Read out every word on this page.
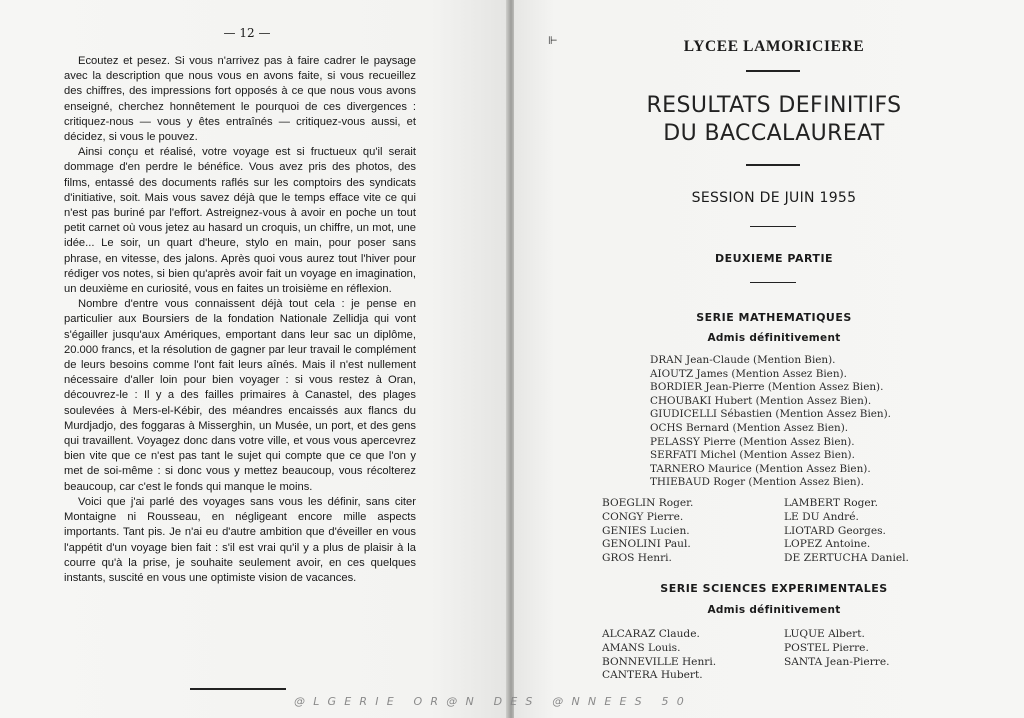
— 12 —

Ecoutez et pesez. Si vous n'arrivez pas à faire cadrer le paysage avec la description que nous vous en avons faite, si vous recueillez des chiffres, des impressions fort opposés à ce que nous vous avons enseigné, cherchez honnêtement le pourquoi de ces divergences : critiquez-nous — vous y êtes entraînés — critiquez-vous aussi, et décidez, si vous le pouvez.

Ainsi conçu et réalisé, votre voyage est si fructueux qu'il serait dommage d'en perdre le bénéfice. Vous avez pris des photos, des films, entassé des documents raflés sur les comptoirs des syndicats d'initiative, soit. Mais vous savez déjà que le temps efface vite ce qui n'est pas buriné par l'effort. Astreignez-vous à avoir en poche un tout petit carnet où vous jetez au hasard un croquis, un chiffre, un mot, une idée... Le soir, un quart d'heure, stylo en main, pour poser sans phrase, en vitesse, des jalons. Après quoi vous aurez tout l'hiver pour rédiger vos notes, si bien qu'après avoir fait un voyage en imagination, un deuxième en curiosité, vous en faites un troisième en réflexion.

Nombre d'entre vous connaissent déjà tout cela : je pense en particulier aux Boursiers de la fondation Nationale Zellidja qui vont s'égailler jusqu'aux Amériques, emportant dans leur sac un diplôme, 20.000 francs, et la résolution de gagner par leur travail le complément de leurs besoins comme l'ont fait leurs aînés. Mais il n'est nullement nécessaire d'aller loin pour bien voyager : si vous restez à Oran, découvrez-le : Il y a des failles primaires à Canastel, des plages soulevées à Mers-el-Kébir, des méandres encaissés aux flancs du Murdjadjo, des foggaras à Misserghin, un Musée, un port, et des gens qui travaillent. Voyagez donc dans votre ville, et vous vous apercevrez bien vite que ce n'est pas tant le sujet qui compte que ce que l'on y met de soi-même : si donc vous y mettez beaucoup, vous récolterez beaucoup, car c'est le fonds qui manque le moins.

Voici que j'ai parlé des voyages sans vous les définir, sans citer Montaigne ni Rousseau, en négligeant encore mille aspects importants. Tant pis. Je n'ai eu d'autre ambition que d'éveiller en vous l'appétit d'un voyage bien fait : s'il est vrai qu'il y a plus de plaisir à la courre qu'à la prise, je souhaite seulement avoir, en ces quelques instants, suscité en vous une optimiste vision de vacances.

⊩	LYCEE LAMORICIERE
RESULTATS DEFINITIFS
DU BACCALAUREAT
SESSION DE JUIN 1955
DEUXIEME PARTIE
SERIE MATHEMATIQUES
Admis définitivement
DRAN Jean-Claude (Mention Bien).
AIOUTZ James (Mention Assez Bien).
BORDIER Jean-Pierre (Mention Assez Bien).
CHOUBAKI Hubert (Mention Assez Bien).
GIUDICELLI Sébastien (Mention Assez Bien).
OCHS Bernard (Mention Assez Bien).
PELASSY Pierre (Mention Assez Bien).
SERFATI Michel (Mention Assez Bien).
TARNERO Maurice (Mention Assez Bien).
THIEBAUD Roger (Mention Assez Bien).
BOEGLIN Roger.
CONGY Pierre.
GENIES Lucien.
GENOLINI Paul.
GROS Henri.
LAMBERT Roger.
LE DU André.
LIOTARD Georges.
LOPEZ Antoine.
DE ZERTUCHA Daniel.
SERIE SCIENCES EXPERIMENTALES
Admis définitivement
ALCARAZ Claude.
AMANS Louis.
BONNEVILLE Henri.
CANTERA Hubert.
LUQUE Albert.
POSTEL Pierre.
SANTA Jean-Pierre.
@LGERIE OR@N DES @NNEES 50
